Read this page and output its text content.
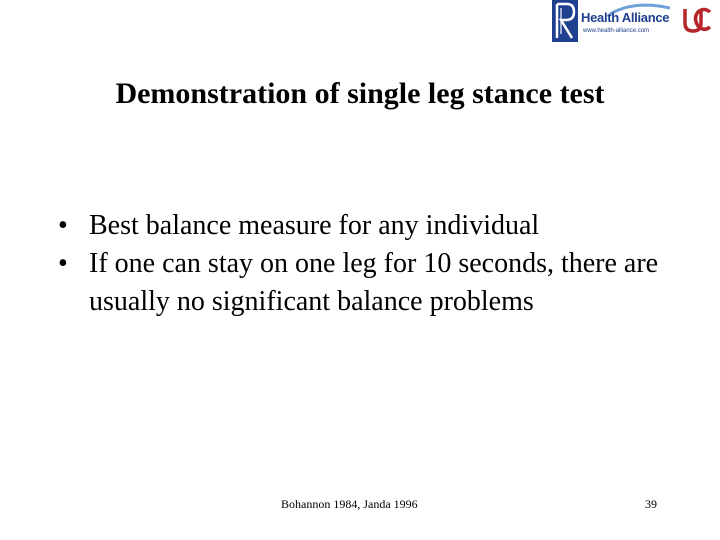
Health Alliance
www.health-alliance.com
Demonstration of single leg stance test
• Best balance measure for any individual
• If one can stay on one leg for 10 seconds, there are usually no significant balance problems
Bohannon 1984, Janda 1996	39
